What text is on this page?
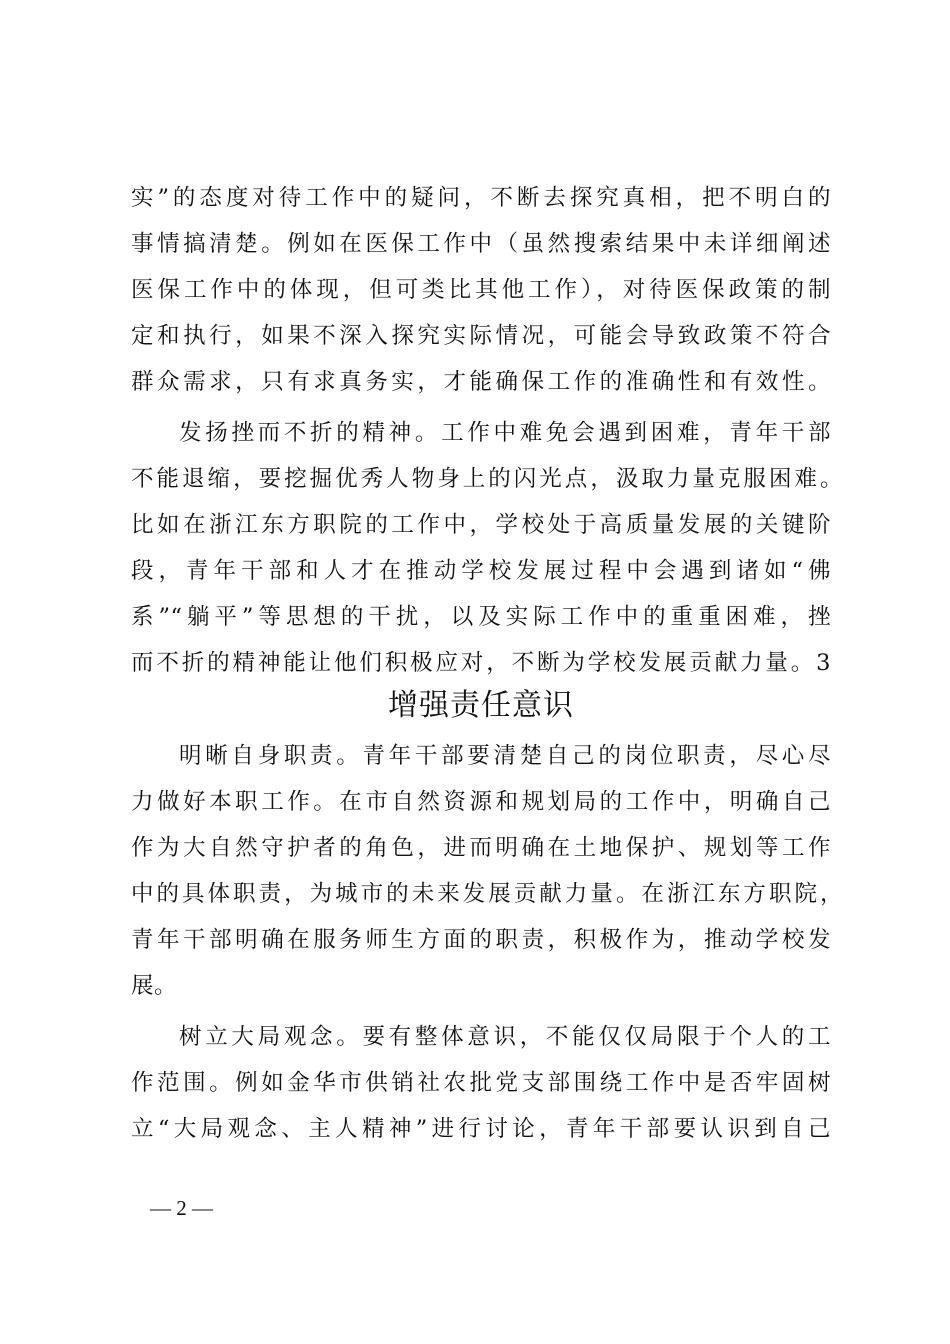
实”的态度对待工作中的疑问，不断去探究真相，把不明白的
事情搞清楚。例如在医保工作中（虽然搜索结果中未详细阐述
医保工作中的体现，但可类比其他工作），对待医保政策的制
定和执行，如果不深入探究实际情况，可能会导致政策不符合
群众需求，只有求真务实，才能确保工作的准确性和有效性。
发扬挫而不折的精神。工作中难免会遇到困难，青年干部
不能退缩，要挖掘优秀人物身上的闪光点，汲取力量克服困难。
比如在浙江东方职院的工作中，学校处于高质量发展的关键阶
段，青年干部和人才在推动学校发展过程中会遇到诸如“佛
系”“躺平”等思想的干扰，以及实际工作中的重重困难，挫
而不折的精神能让他们积极应对，不断为学校发展贡献力量。3
增强责任意识
明晰自身职责。青年干部要清楚自己的岗位职责，尽心尽
力做好本职工作。在市自然资源和规划局的工作中，明确自己
作为大自然守护者的角色，进而明确在土地保护、规划等工作
中的具体职责，为城市的未来发展贡献力量。在浙江东方职院，
青年干部明确在服务师生方面的职责，积极作为，推动学校发
展。
树立大局观念。要有整体意识，不能仅仅局限于个人的工
作范围。例如金华市供销社农批党支部围绕工作中是否牢固树
立“大局观念、主人精神”进行讨论，青年干部要认识到自己
— 2 —
